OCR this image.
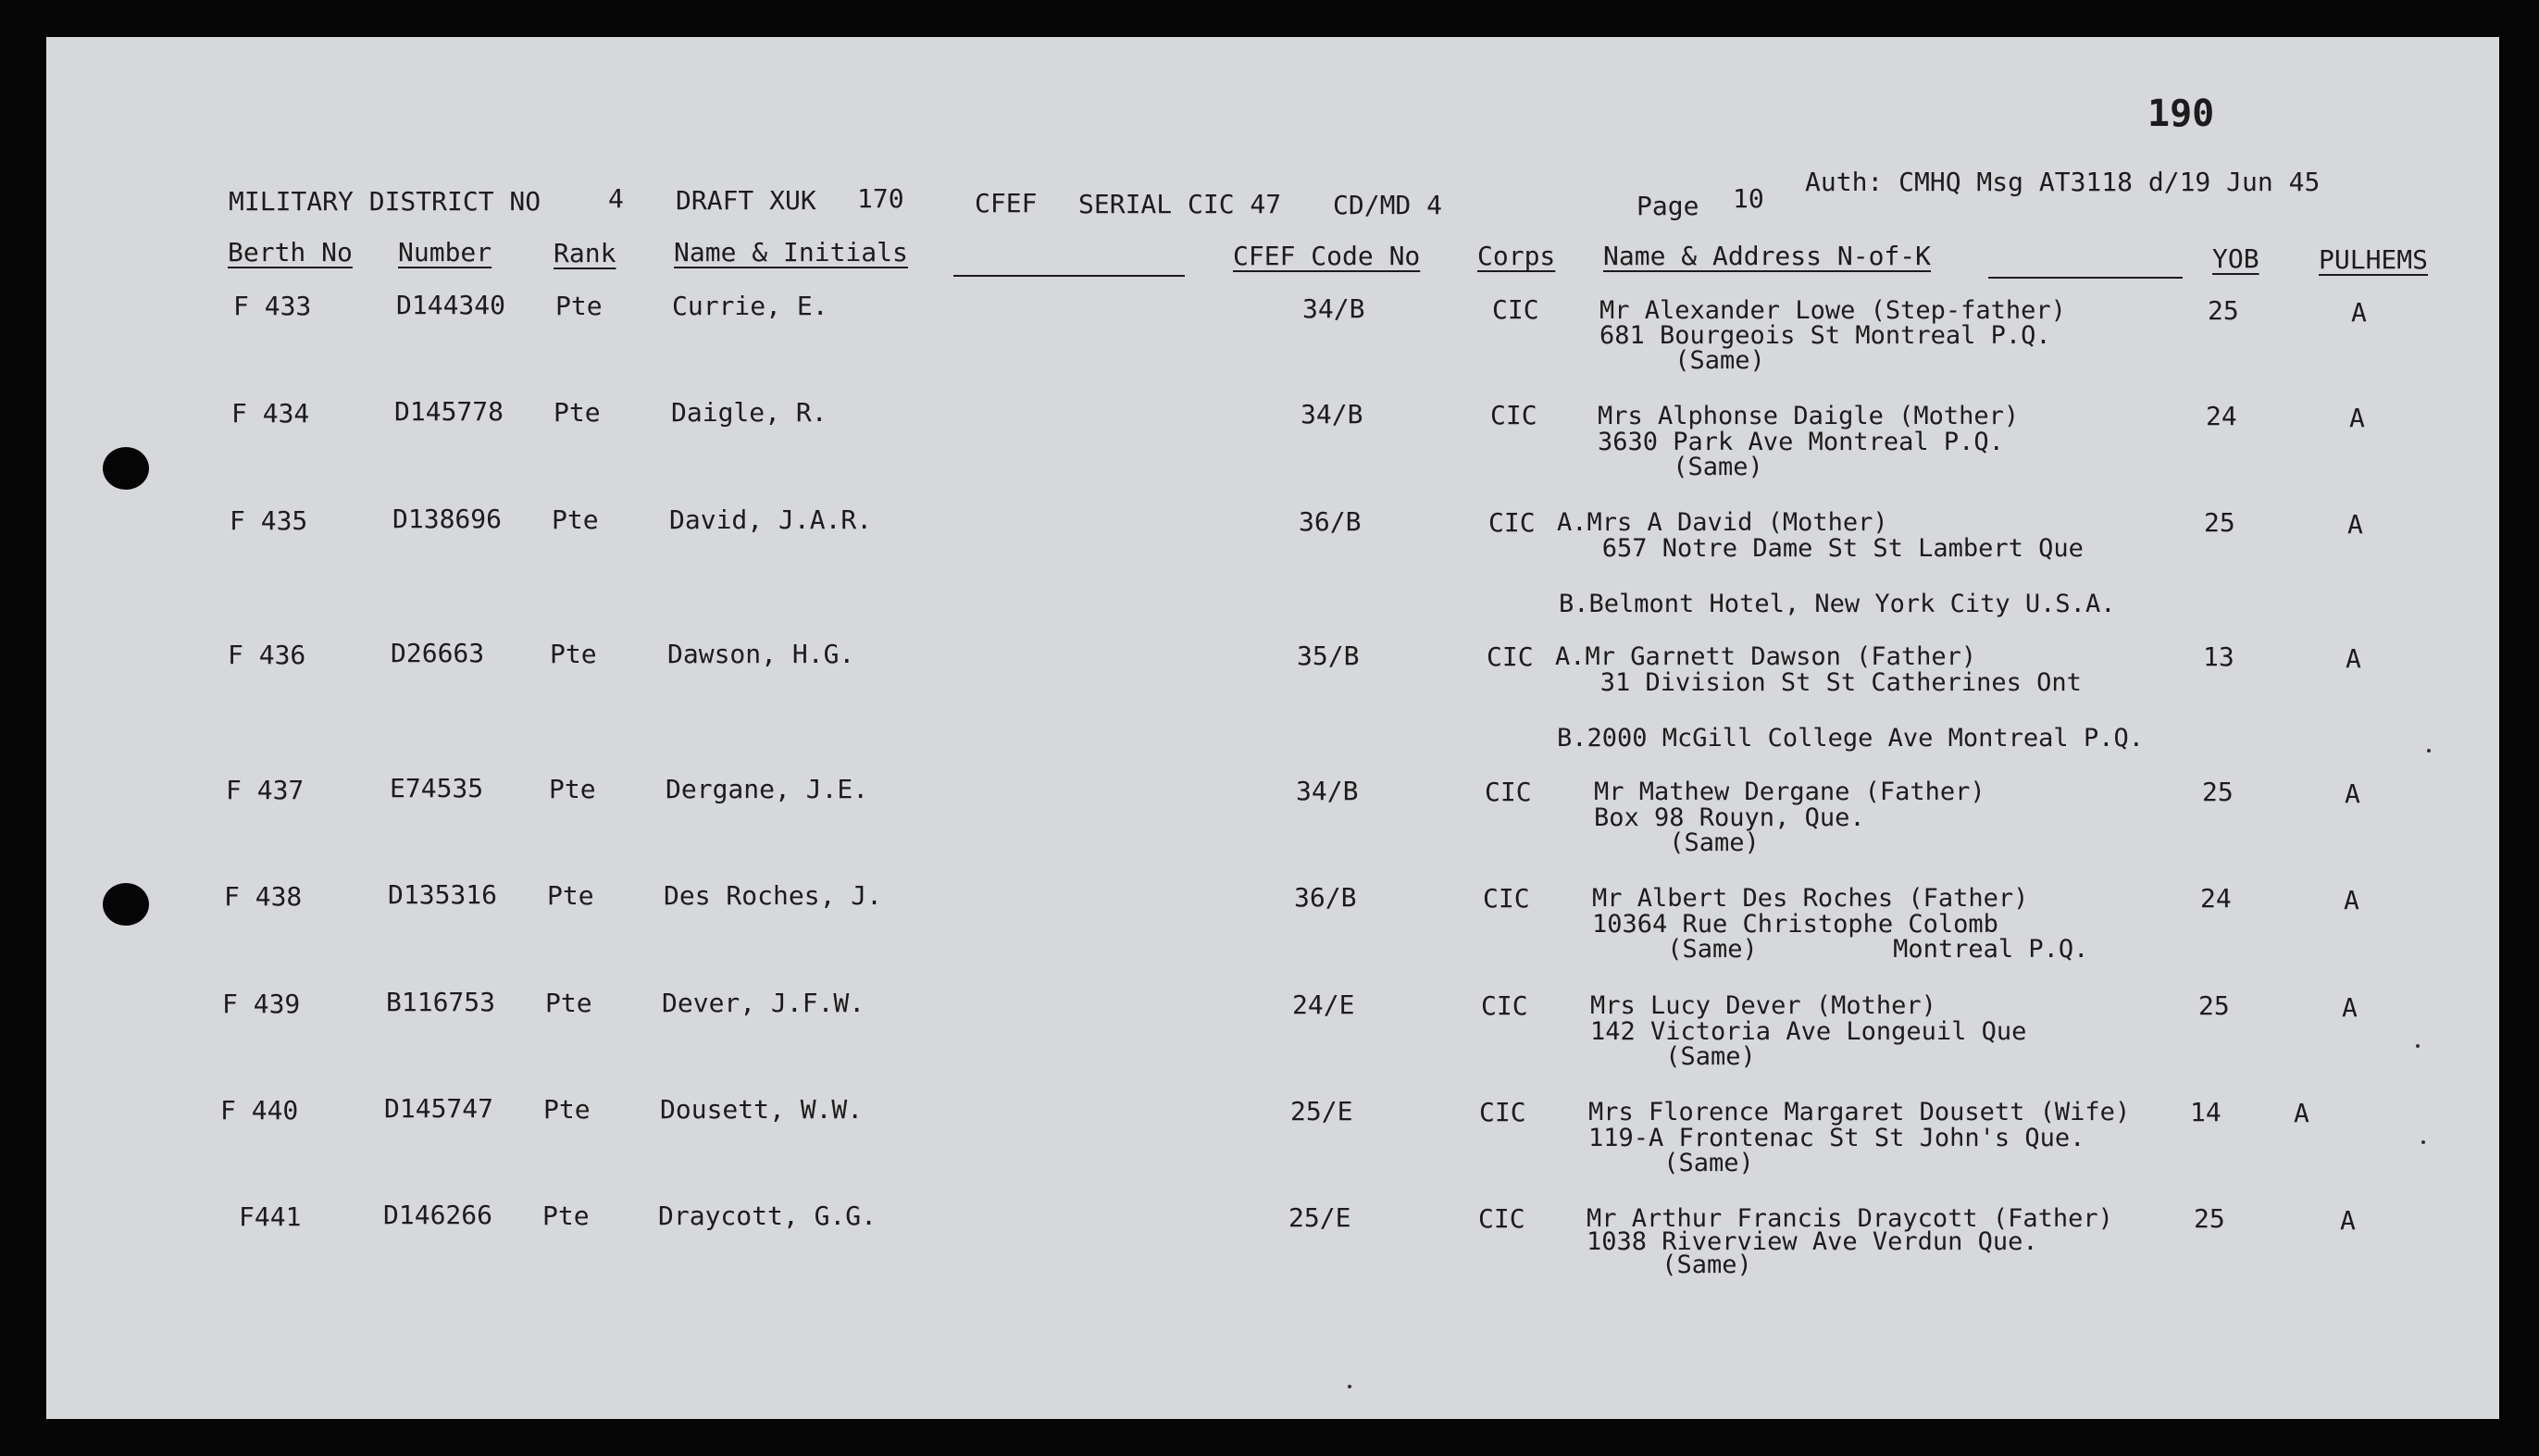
190
MILITARY DISTRICT NO	4 DRAFT XUK 170	CFEF SERIAL CIC 47 CD/MD 4	Page 10
Auth: CMHQ Msg AT3118 d/19 Jun 45
Berth No Number Rank Name & Initials	CFEF Code No Corps Name & Address N-of-K	YOB PULHEMS
F 433	D144340 Pte	Currie, E.	34/B	CIC Mr Alexander Lowe (Step-father)
681 Bourgeois St Montreal P.Q.
(Same)
25	A
F 434	D145778 Pte	Daigle, R.	34/B	CIC Mrs Alphonse Daigle (Mother)
3630 Park Ave Montreal P.Q.
(Same)
24	A
F 435	D138696 Pte	David, J.A.R.	36/B	CIC A.Mrs A David (Mother)
657 Notre Dame St St Lambert Que
B.Belmont Hotel, New York City U.S.A.
25	A
F 436	D26663	Pte	Dawson, H.G.	35/B	CIC A.Mr Garnett Dawson (Father)
31 Division St St Catherines Ont
B.2000 McGill College Ave Montreal P.Q.
13	A
F 437	E74535	Pte	Dergane, J.E.	34/B	CIC Mr Mathew Dergane (Father)
Box 98 Rouyn, Que.
(Same)
25	A
F 438	D135316 Pte	Des Roches, J.	36/B	CIC Mr Albert Des Roches (Father)
10364 Rue Christophe Colomb
(Same)         Montreal P.Q.
24	A
F 439	B116753 Pte	Dever, J.F.W.	24/E	CIC Mrs Lucy Dever (Mother)
142 Victoria Ave Longeuil Que
(Same)
25	A
F 440	D145747 Pte	Dousett, W.W.	25/E	CIC Mrs Florence Margaret Dousett (Wife)
119-A Frontenac St St John's Que.
(Same)
14	A
F441	D146266 Pte	Draycott, G.G.	25/E	CIC Mr Arthur Francis Draycott (Father)
1038 Riverview Ave Verdun Que.
(Same)
25	A
